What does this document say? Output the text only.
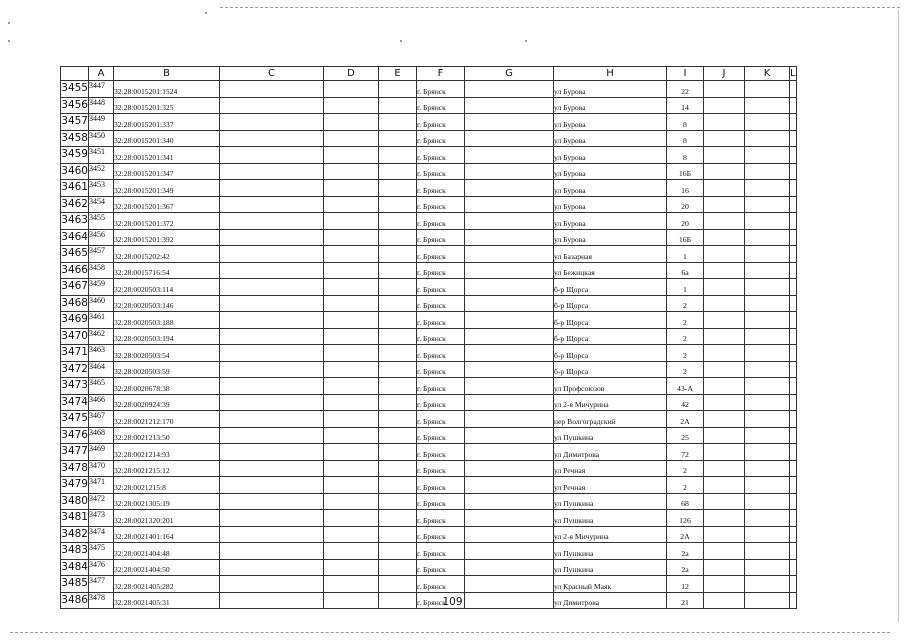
	A	B	C	D	E	F	G	H	I	J	K	L
3455	3447	32:28:0015201:1524				г. Брянск		ул Бурова	22			
3456	3448	32:28:0015201:325				г. Брянск		ул Бурова	14			
3457	3449	32:28:0015201:337				г. Брянск		ул Бурова	8			
3458	3450	32:28:0015201:340				г. Брянск		ул Бурова	8			
3459	3451	32:28:0015201:341				г. Брянск		ул Бурова	8			
3460	3452	32:28:0015201:347				г. Брянск		ул Бурова	16Б			
3461	3453	32:28:0015201:349				г. Брянск		ул Бурова	16			
3462	3454	32:28:0015201:367				г. Брянск		ул Бурова	20			
3463	3455	32:28:0015201:372				г. Брянск		ул Бурова	20			
3464	3456	32:28:0015201:392				г. Брянск		ул Бурова	16Б			
3465	3457	32:28:0015202:42				г. Брянск		ул Базарная	1			
3466	3458	32:28:0015716:54				г. Брянск		ул Бежицкая	6а			
3467	3459	32:28:0020503:114				г. Брянск		б-р Щорса	1			
3468	3460	32:28:0020503:146				г. Брянск		б-р Щорса	2			
3469	3461	32:28:0020503:188				г. Брянск		б-р Щорса	2			
3470	3462	32:28:0020503:194				г. Брянск		б-р Щорса	2			
3471	3463	32:28:0020503:54				г. Брянск		б-р Щорса	2			
3472	3464	32:28:0020503:59				г. Брянск		б-р Щорса	2			
3473	3465	32:28:0020678:38				г. Брянск		ул Профсоюзов	43-А			
3474	3466	32:28:0020924:39				г. Брянск		ул 2-я Мичурина	42			
3475	3467	32:28:0021212:170				г. Брянск		пер Волгоградский	2А			
3476	3468	32:28:0021213:50				г. Брянск		ул Пушкина	25			
3477	3469	32:28:0021214:93				г. Брянск		ул Димитрова	72			
3478	3470	32:28:0021215:12				г. Брянск		ул Речная	2			
3479	3471	32:28:0021215:8				г. Брянск		ул Речная	2			
3480	3472	32:28:0021305:19				г. Брянск		ул Пушкина	68			
3481	3473	32:28:0021320:201				г. Брянск		ул Пушкина	126			
3482	3474	32:28:0021401:164				г. Брянск		ул 2-я Мичурина	2А			
3483	3475	32:28:0021404:48				г. Брянск		ул Пушкина	2а			
3484	3476	32:28:0021404:50				г. Брянск		ул Пушкина	2а			
3485	3477	32:28:0021405:282				г. Брянск		ул Красный Маяк	12			
3486	3478	32:28:0021405:31				г. Брянск		ул Димитрова	21			
109
